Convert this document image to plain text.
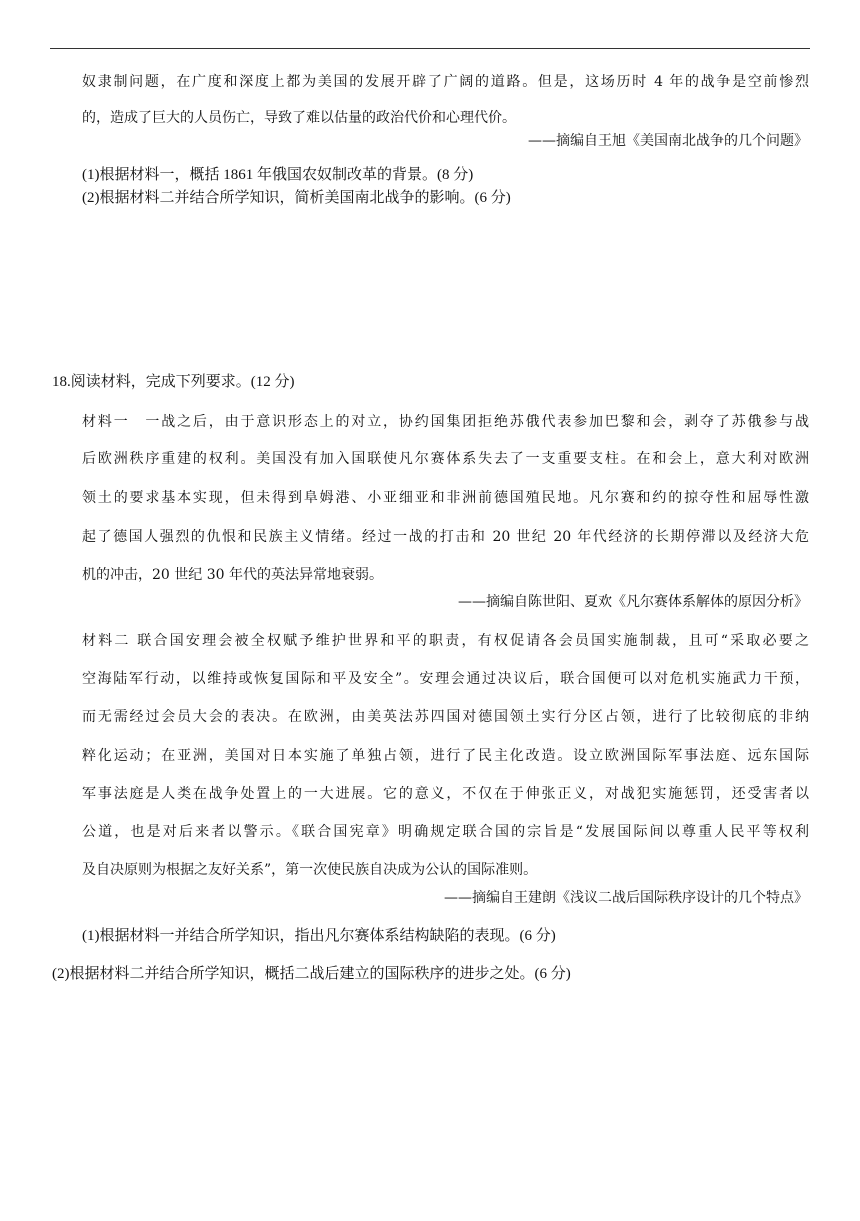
奴隶制问题，在广度和深度上都为美国的发展开辟了广阔的道路。但是，这场历时 4 年的战争是空前惨烈
的，造成了巨大的人员伤亡，导致了难以估量的政治代价和心理代价。
——摘编自王旭《美国南北战争的几个问题》
(1)根据材料一，概括 1861 年俄国农奴制改革的背景。(8 分)
(2)根据材料二并结合所学知识，简析美国南北战争的影响。(6 分)
18.阅读材料，完成下列要求。(12 分)
材料一　一战之后，由于意识形态上的对立，协约国集团拒绝苏俄代表参加巴黎和会，剥夺了苏俄参与战
后欧洲秩序重建的权利。美国没有加入国联使凡尔赛体系失去了一支重要支柱。在和会上，意大利对欧洲
领土的要求基本实现，但未得到阜姆港、小亚细亚和非洲前德国殖民地。凡尔赛和约的掠夺性和屈辱性激
起了德国人强烈的仇恨和民族主义情绪。经过一战的打击和 20 世纪 20 年代经济的长期停滞以及经济大危
机的冲击，20 世纪 30 年代的英法异常地衰弱。
——摘编自陈世阳、夏欢《凡尔赛体系解体的原因分析》
材料二 联合国安理会被全权赋予维护世界和平的职责，有权促请各会员国实施制裁，且可“采取必要之
空海陆军行动，以维持或恢复国际和平及安全”。安理会通过决议后，联合国便可以对危机实施武力干预，
而无需经过会员大会的表决。在欧洲，由美英法苏四国对德国领土实行分区占领，进行了比较彻底的非纳
粹化运动；在亚洲，美国对日本实施了单独占领，进行了民主化改造。设立欧洲国际军事法庭、远东国际
军事法庭是人类在战争处置上的一大进展。它的意义，不仅在于伸张正义，对战犯实施惩罚，还受害者以
公道，也是对后来者以警示。《联合国宪章》明确规定联合国的宗旨是“发展国际间以尊重人民平等权利
及自决原则为根据之友好关系”，第一次使民族自决成为公认的国际准则。
——摘编自王建朗《浅议二战后国际秩序设计的几个特点》
(1)根据材料一并结合所学知识，指出凡尔赛体系结构缺陷的表现。(6 分)
(2)根据材料二并结合所学知识，概括二战后建立的国际秩序的进步之处。(6 分)
